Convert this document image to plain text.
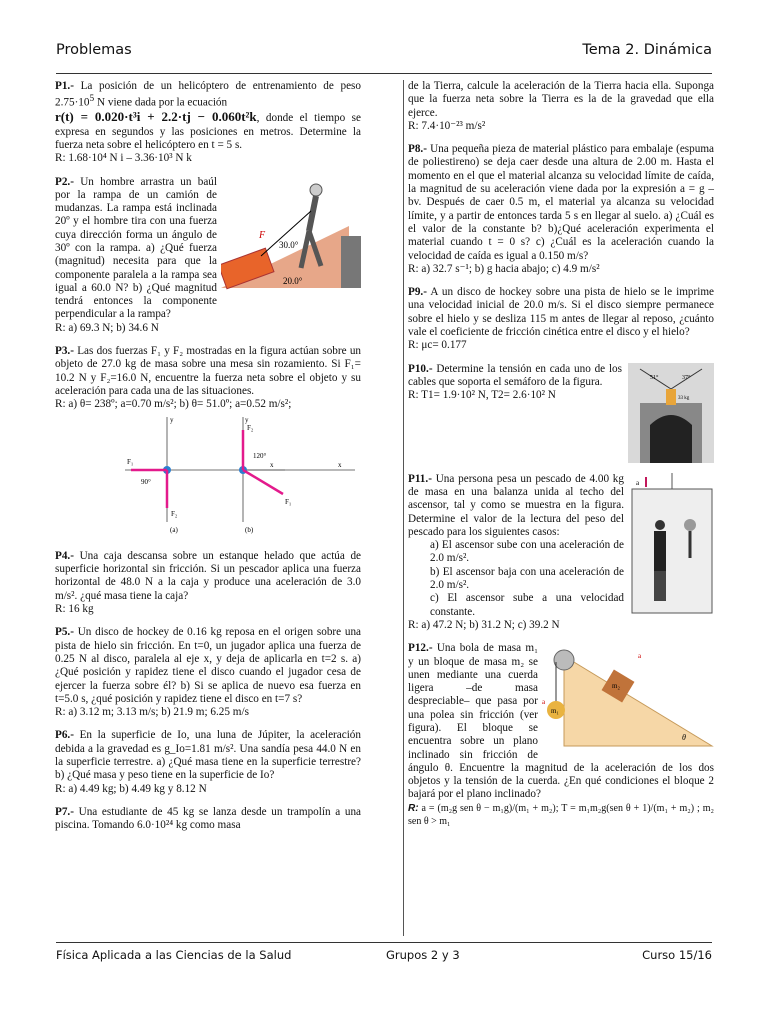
Problemas	Tema 2. Dinámica
P1.- La posición de un helicóptero de entrenamiento de peso $2.75\cdot 10^5$ N viene dada por la ecuación
r(t) = 0.020·t³i + 2.2·tj − 0.060t²k, donde el tiempo se expresa en segundos y las posiciones en metros. Determine la fuerza neta sobre el helicóptero en t = 5 s.
R: 1.68·10⁴ N i – 3.36·10³ N k
F
30.0°
20.0°
P2.- Un hombre arrastra un baúl por la rampa de un camión de mudanzas. La rampa está inclinada 20º y el hombre tira con una fuerza cuya dirección forma un ángulo de 30º con la rampa. a) ¿Qué fuerza (magnitud) necesita para que la componente paralela a la rampa sea igual a 60.0 N? b) ¿Qué magnitud tendrá entonces la componente perpendicular a la rampa?
R: a) 69.3 N; b) 34.6 N
P3.- Las dos fuerzas F₁ y F₂ mostradas en la figura actúan sobre un objeto de 27.0 kg de masa sobre una mesa sin rozamiento. Si F₁= 10.2 N y F₂=16.0 N, encuentre la fuerza neta sobre el objeto y su aceleración para cada una de las situaciones.
R: a) θ= 238º; a=0.70 m/s²; b) θ= 51.0º; a=0.52 m/s²;
F₁
F₂
90°
x
y
(a)
F₂
F₁
120°
x
y
(b)
P4.- Una caja descansa sobre un estanque helado que actúa de superficie horizontal sin fricción. Si un pescador aplica una fuerza horizontal de 48.0 N a la caja y produce una aceleración de 3.0 m/s². ¿qué masa tiene la caja?
R: 16 kg
P5.- Un disco de hockey de 0.16 kg reposa en el origen sobre una pista de hielo sin fricción. En t=0, un jugador aplica una fuerza de 0.25 N al disco, paralela al eje x, y deja de aplicarla en t=2 s. a) ¿Qué posición y rapidez tiene el disco cuando el jugador cesa de ejercer la fuerza sobre él? b) Si se aplica de nuevo esa fuerza en t=5.0 s, ¿qué posición y rapidez tiene el disco en t=7 s?
R: a) 3.12 m; 3.13 m/s; b) 21.9 m; 6.25 m/s
P6.- En la superficie de Io, una luna de Júpiter, la aceleración debida a la gravedad es g_Io=1.81 m/s². Una sandía pesa 44.0 N en la superficie terrestre. a) ¿Qué masa tiene en la superficie terrestre? b) ¿Qué masa y peso tiene en la superficie de Io?
R: a) 4.49 kg; b) 4.49 kg y 8.12 N
P7.- Una estudiante de 45 kg se lanza desde un trampolín a una piscina. Tomando 6.0·10²⁴ kg como masa
de la Tierra, calcule la aceleración de la Tierra hacia ella. Suponga que la fuerza neta sobre la Tierra es la de la gravedad que ella ejerce.
R: 7.4·10⁻²³ m/s²
P8.- Una pequeña pieza de material plástico para embalaje (espuma de poliestireno) se deja caer desde una altura de 2.00 m. Hasta el momento en el que el material alcanza su velocidad límite de caída, la magnitud de su aceleración viene dada por la expresión a = g – bv. Después de caer 0.5 m, el material ya alcanza su velocidad límite, y a partir de entonces tarda 5 s en llegar al suelo. a) ¿Cuál es el valor de la constante b? b)¿Qué aceleración experimenta el material cuando t = 0 s? c) ¿Cuál es la aceleración cuando la velocidad de caída es igual a 0.150 m/s?
R: a) 32.7 s⁻¹; b) g hacia abajo; c) 4.9 m/s²
P9.- A un disco de hockey sobre una pista de hielo se le imprime una velocidad inicial de 20.0 m/s. Si el disco siempre permanece sobre el hielo y se desliza 115 m antes de llegar al reposo, ¿cuánto vale el coeficiente de fricción cinética entre el disco y el hielo?
R: μc= 0.177
51°	37°
33 kg
P10.- Determine la tensión en cada uno de los cables que soporta el semáforo de la figura.
R: T1= 1.9·10² N, T2= 2.6·10² N
a
P11.- Una persona pesa un pescado de 4.00 kg de masa en una balanza unida al techo del ascensor, tal y como se muestra en la figura. Determine el valor de la lectura del peso del pescado para los siguientes casos:
a) El ascensor sube con una aceleración de 2.0 m/s².
b) El ascensor baja con una aceleración de 2.0 m/s².
c) El ascensor sube a una velocidad constante.
R: a) 47.2 N; b) 31.2 N; c) 39.2 N
m₁
m₂
a
a
θ
P12.- Una bola de masa m₁ y un bloque de masa m₂ se unen mediante una cuerda ligera –de masa despreciable– que pasa por una polea sin fricción (ver figura). El bloque se encuentra sobre un plano inclinado sin fricción de ángulo θ. Encuentre la magnitud de la aceleración de los dos objetos y la tensión de la cuerda. ¿En qué condiciones el bloque 2 bajará por el plano inclinado?
R: a = (m₂g sen θ − m₁g)/(m₁ + m₂); T = m₁m₂g(sen θ + 1)/(m₁ + m₂) ; m₂ sen θ > m₁
Física Aplicada a las Ciencias de la Salud	Grupos 2 y 3	Curso 15/16
